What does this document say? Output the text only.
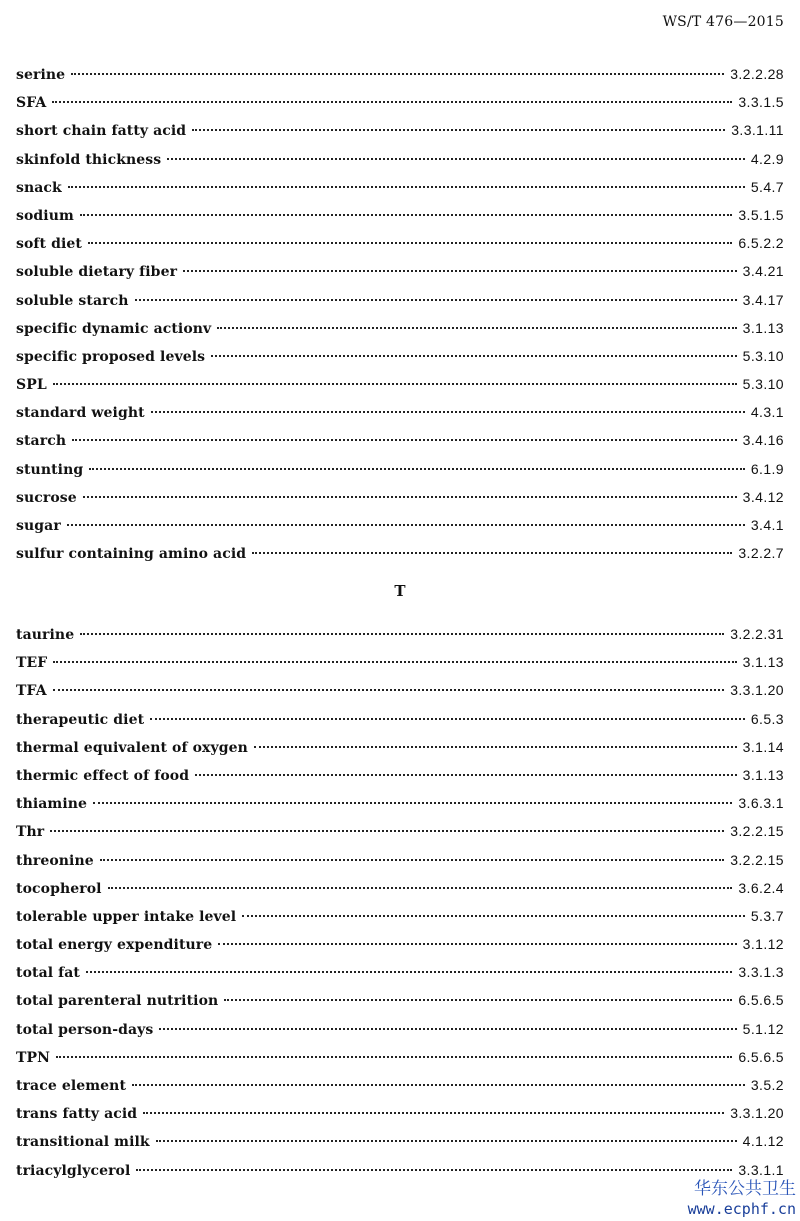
WS/T 476—2015
serine	3.2.2.28
SFA	3.3.1.5
short chain fatty acid	3.3.1.11
skinfold thickness	4.2.9
snack	5.4.7
sodium	3.5.1.5
soft diet	6.5.2.2
soluble dietary fiber	3.4.21
soluble starch	3.4.17
specific dynamic actionv	3.1.13
specific proposed levels	5.3.10
SPL	5.3.10
standard weight	4.3.1
starch	3.4.16
stunting	6.1.9
sucrose	3.4.12
sugar	3.4.1
sulfur containing amino acid	3.2.2.7
T
taurine	3.2.2.31
TEF	3.1.13
TFA	3.3.1.20
therapeutic diet	6.5.3
thermal equivalent of oxygen	3.1.14
thermic effect of food	3.1.13
thiamine	3.6.3.1
Thr	3.2.2.15
threonine	3.2.2.15
tocopherol	3.6.2.4
tolerable upper intake level	5.3.7
total energy expenditure	3.1.12
total fat	3.3.1.3
total parenteral nutrition	6.5.6.5
total person-days	5.1.12
TPN	6.5.6.5
trace element	3.5.2
trans fatty acid	3.3.1.20
transitional milk	4.1.12
triacylglycerol	3.3.1.1
华东公共卫生
www.ecphf.cn
